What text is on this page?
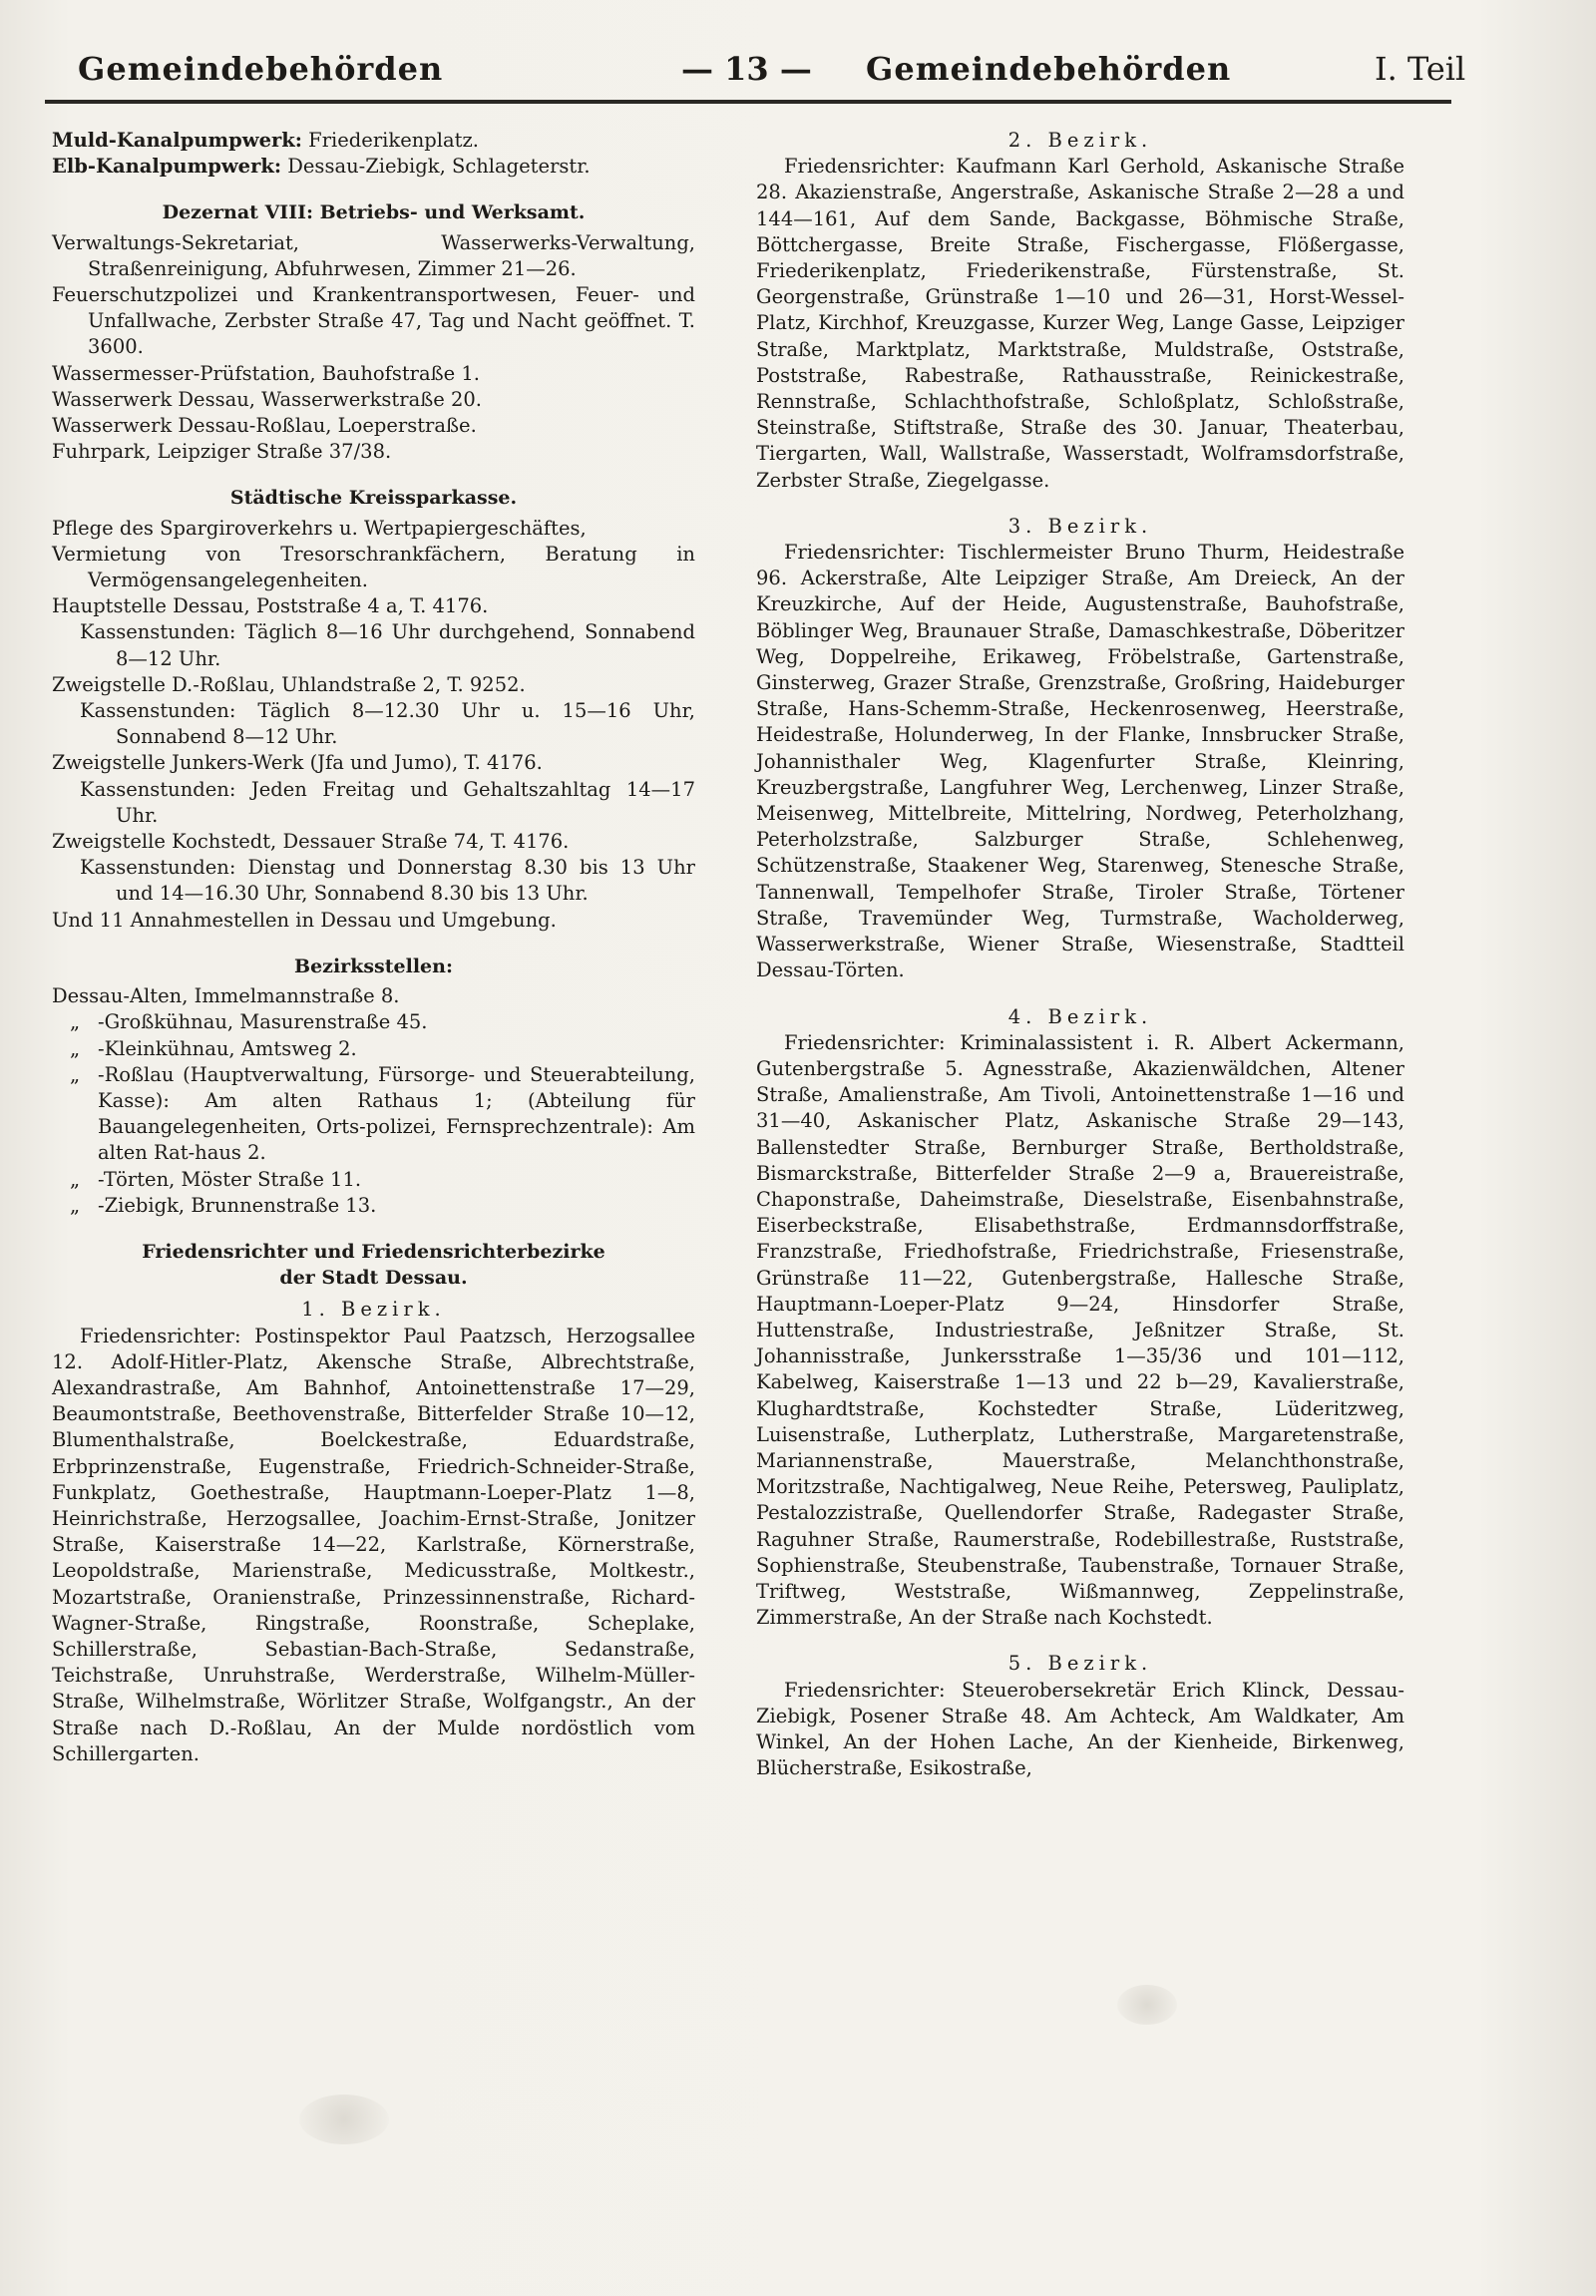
Gemeindebehörden	— 13 — Gemeindebehörden	I. Teil

Muld-Kanalpumpwerk: Friederikenplatz.

Elb-Kanalpumpwerk: Dessau-Ziebigk, Schlageterstr.

Dezernat VIII: Betriebs- und Werksamt.

Verwaltungs-Sekretariat, Wasserwerks-Verwaltung, Straßenreinigung, Abfuhrwesen, Zimmer 21—26.

Feuerschutzpolizei und Krankentransportwesen, Feuer- und Unfallwache, Zerbster Straße 47, Tag und Nacht geöffnet. T. 3600.

Wassermesser-Prüfstation, Bauhofstraße 1.

Wasserwerk Dessau, Wasserwerkstraße 20.

Wasserwerk Dessau-Roßlau, Loeperstraße.

Fuhrpark, Leipziger Straße 37/38.

Städtische Kreissparkasse.

Pflege des Spargiroverkehrs u. Wertpapiergeschäftes,

Vermietung von Tresorschrankfächern, Beratung in Vermögensangelegenheiten.

Hauptstelle Dessau, Poststraße 4 a, T. 4176.

Kassenstunden: Täglich 8—16 Uhr durchgehend, Sonnabend 8—12 Uhr.

Zweigstelle D.-Roßlau, Uhlandstraße 2, T. 9252.

Kassenstunden: Täglich 8—12.30 Uhr u. 15—16 Uhr, Sonnabend 8—12 Uhr.

Zweigstelle Junkers-Werk (Jfa und Jumo), T. 4176.

Kassenstunden: Jeden Freitag und Gehaltszahltag 14—17 Uhr.

Zweigstelle Kochstedt, Dessauer Straße 74, T. 4176.

Kassenstunden: Dienstag und Donnerstag 8.30 bis 13 Uhr und 14—16.30 Uhr, Sonnabend 8.30 bis 13 Uhr.

Und 11 Annahmestellen in Dessau und Umgebung.

Bezirksstellen:

Dessau-Alten, Immelmannstraße 8.

„ -Großkühnau, Masurenstraße 45.
„ -Kleinkühnau, Amtsweg 2.
„ -Roßlau (Hauptverwaltung, Fürsorge- und Steuerabteilung, Kasse): Am alten Rathaus 1; (Abteilung für Bauangelegenheiten, Orts-polizei, Fernsprechzentrale): Am alten Rat-haus 2.
„ -Törten, Möster Straße 11.
„ -Ziebigk, Brunnenstraße 13.

Friedensrichter und Friedensrichterbezirke

der Stadt Dessau.

1. Bezirk.

Friedensrichter: Postinspektor Paul Paatzsch, Herzogsallee 12. Adolf-Hitler-Platz, Akensche Straße, Albrechtstraße, Alexandrastraße, Am Bahnhof, Antoinettenstraße 17—29, Beaumontstraße, Beethovenstraße, Bitterfelder Straße 10—12, Blumenthalstraße, Boelckestraße, Eduardstraße, Erbprinzenstraße, Eugenstraße, Friedrich-Schneider-Straße, Funkplatz, Goethestraße, Hauptmann-Loeper-Platz 1—8, Heinrichstraße, Herzogsallee, Joachim-Ernst-Straße, Jonitzer Straße, Kaiserstraße 14—22, Karlstraße, Körnerstraße, Leopoldstraße, Marienstraße, Medicusstraße, Moltkestr., Mozartstraße, Oranienstraße, Prinzessinnenstraße, Richard-Wagner-Straße, Ringstraße, Roonstraße, Scheplake, Schillerstraße, Sebastian-Bach-Straße, Sedanstraße, Teichstraße, Unruhstraße, Werderstraße, Wilhelm-Müller-Straße, Wilhelmstraße, Wörlitzer Straße, Wolfgangstr., An der Straße nach D.-Roßlau, An der Mulde nordöstlich vom Schillergarten.

2. Bezirk.

Friedensrichter: Kaufmann Karl Gerhold, Askanische Straße 28. Akazienstraße, Angerstraße, Askanische Straße 2—28 a und 144—161, Auf dem Sande, Backgasse, Böhmische Straße, Böttchergasse, Breite Straße, Fischergasse, Flößergasse, Friederikenplatz, Friederikenstraße, Fürstenstraße, St. Georgenstraße, Grünstraße 1—10 und 26—31, Horst-Wessel-Platz, Kirchhof, Kreuzgasse, Kurzer Weg, Lange Gasse, Leipziger Straße, Marktplatz, Marktstraße, Muldstraße, Oststraße, Poststraße, Rabestraße, Rathausstraße, Reinickestraße, Rennstraße, Schlachthofstraße, Schloßplatz, Schloßstraße, Steinstraße, Stiftstraße, Straße des 30. Januar, Theaterbau, Tiergarten, Wall, Wallstraße, Wasserstadt, Wolframsdorfstraße, Zerbster Straße, Ziegelgasse.

3. Bezirk.

Friedensrichter: Tischlermeister Bruno Thurm, Heidestraße 96. Ackerstraße, Alte Leipziger Straße, Am Dreieck, An der Kreuzkirche, Auf der Heide, Augustenstraße, Bauhofstraße, Böblinger Weg, Braunauer Straße, Damaschkestraße, Döberitzer Weg, Doppelreihe, Erikaweg, Fröbelstraße, Gartenstraße, Ginsterweg, Grazer Straße, Grenzstraße, Großring, Haideburger Straße, Hans-Schemm-Straße, Heckenrosenweg, Heerstraße, Heidestraße, Holunderweg, In der Flanke, Innsbrucker Straße, Johannisthaler Weg, Klagenfurter Straße, Kleinring, Kreuzbergstraße, Langfuhrer Weg, Lerchenweg, Linzer Straße, Meisenweg, Mittelbreite, Mittelring, Nordweg, Peterholzhang, Peterholzstraße, Salzburger Straße, Schlehenweg, Schützenstraße, Staakener Weg, Starenweg, Stenesche Straße, Tannenwall, Tempelhofer Straße, Tiroler Straße, Törtener Straße, Travemünder Weg, Turmstraße, Wacholderweg, Wasserwerkstraße, Wiener Straße, Wiesenstraße, Stadtteil Dessau-Törten.

4. Bezirk.

Friedensrichter: Kriminalassistent i. R. Albert Ackermann, Gutenbergstraße 5. Agnesstraße, Akazienwäldchen, Altener Straße, Amalienstraße, Am Tivoli, Antoinettenstraße 1—16 und 31—40, Askanischer Platz, Askanische Straße 29—143, Ballenstedter Straße, Bernburger Straße, Bertholdstraße, Bismarckstraße, Bitterfelder Straße 2—9 a, Brauereistraße, Chaponstraße, Daheimstraße, Dieselstraße, Eisenbahnstraße, Eiserbeckstraße, Elisabethstraße, Erdmannsdorffstraße, Franzstraße, Friedhofstraße, Friedrichstraße, Friesenstraße, Grünstraße 11—22, Gutenbergstraße, Hallesche Straße, Hauptmann-Loeper-Platz 9—24, Hinsdorfer Straße, Huttenstraße, Industriestraße, Jeßnitzer Straße, St. Johannisstraße, Junkersstraße 1—35/36 und 101—112, Kabelweg, Kaiserstraße 1—13 und 22 b—29, Kavalierstraße, Klughardtstraße, Kochstedter Straße, Lüderitzweg, Luisenstraße, Lutherplatz, Lutherstraße, Margaretenstraße, Mariannenstraße, Mauerstraße, Melanchthonstraße, Moritzstraße, Nachtigalweg, Neue Reihe, Petersweg, Pauliplatz, Pestalozzistraße, Quellendorfer Straße, Radegaster Straße, Raguhner Straße, Raumerstraße, Rodebillestraße, Ruststraße, Sophienstraße, Steubenstraße, Taubenstraße, Tornauer Straße, Triftweg, Weststraße, Wißmannweg, Zeppelinstraße, Zimmerstraße, An der Straße nach Kochstedt.

5. Bezirk.

Friedensrichter: Steuerobersekretär Erich Klinck, Dessau-Ziebigk, Posener Straße 48. Am Achteck, Am Waldkater, Am Winkel, An der Hohen Lache, An der Kienheide, Birkenweg, Blücherstraße, Esikostraße,
